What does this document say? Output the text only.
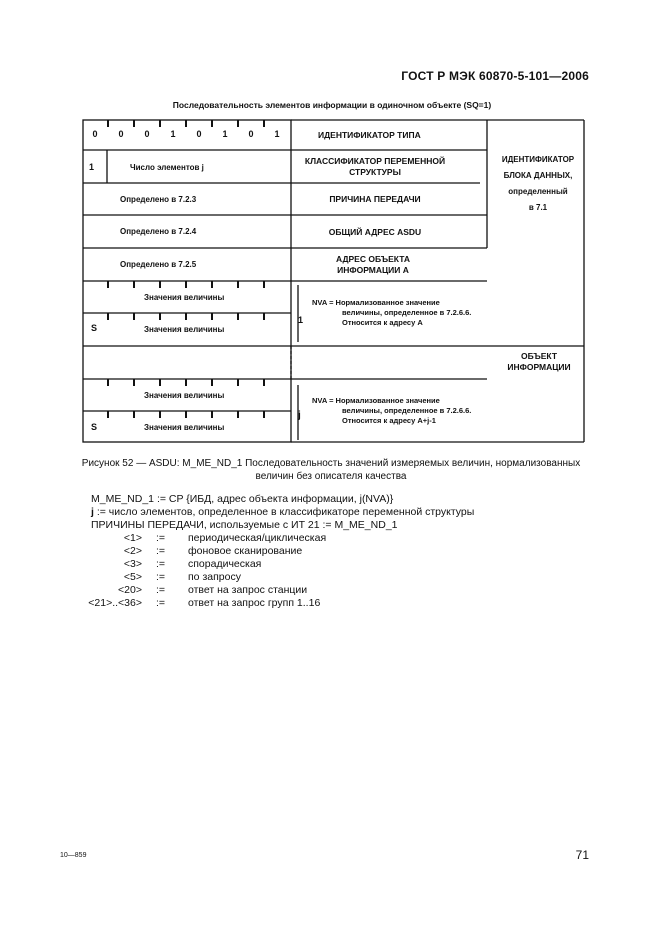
ГОСТ Р МЭК 60870-5-101—2006
Последовательность элементов информации в одиночном объекте (SQ=1)
0	0	0	1	0	1	0	1
1	Число элементов j
Определено в 7.2.3
Определено в 7.2.4
Определено в 7.2.5
Значения величины
S	Значения величины
Значения величины
S	Значения величины
ИДЕНТИФИКАТОР ТИПА
КЛАССИФИКАТОР ПЕРЕМЕННОЙ СТРУКТУРЫ
ПРИЧИНА ПЕРЕДАЧИ
ОБЩИЙ АДРЕС ASDU
АДРЕС ОБЪЕКТА ИНФОРМАЦИИ А
ИДЕНТИФИКАТОР
БЛОКА ДАННЫХ,
определенный
в 7.1
1
NVA = Нормализованное значение
величины, определенное в 7.2.6.6.
Относится к адресу А
ОБЪЕКТ
ИНФОРМАЦИИ
j
NVA = Нормализованное значение
величины, определенное в 7.2.6.6.
Относится к адресу А+j-1
Рисунок 52 — ASDU: M_ME_ND_1 Последовательность значений измеряемых величин, нормализованных
величин без описателя качества
M_ME_ND_1 := CP {ИБД, адрес объекта информации, j(NVA)}
j := число элементов, определенное в классификаторе переменной структуры
ПРИЧИНЫ ПЕРЕДАЧИ, используемые с ИТ 21 := M_ME_ND_1
<1> := периодическая/циклическая
<2> := фоновое сканирование
<3> := спорадическая
<5> := по запросу
<20> := ответ на запрос станции
<21>..<36> := ответ на запрос групп 1..16
10—859	71
